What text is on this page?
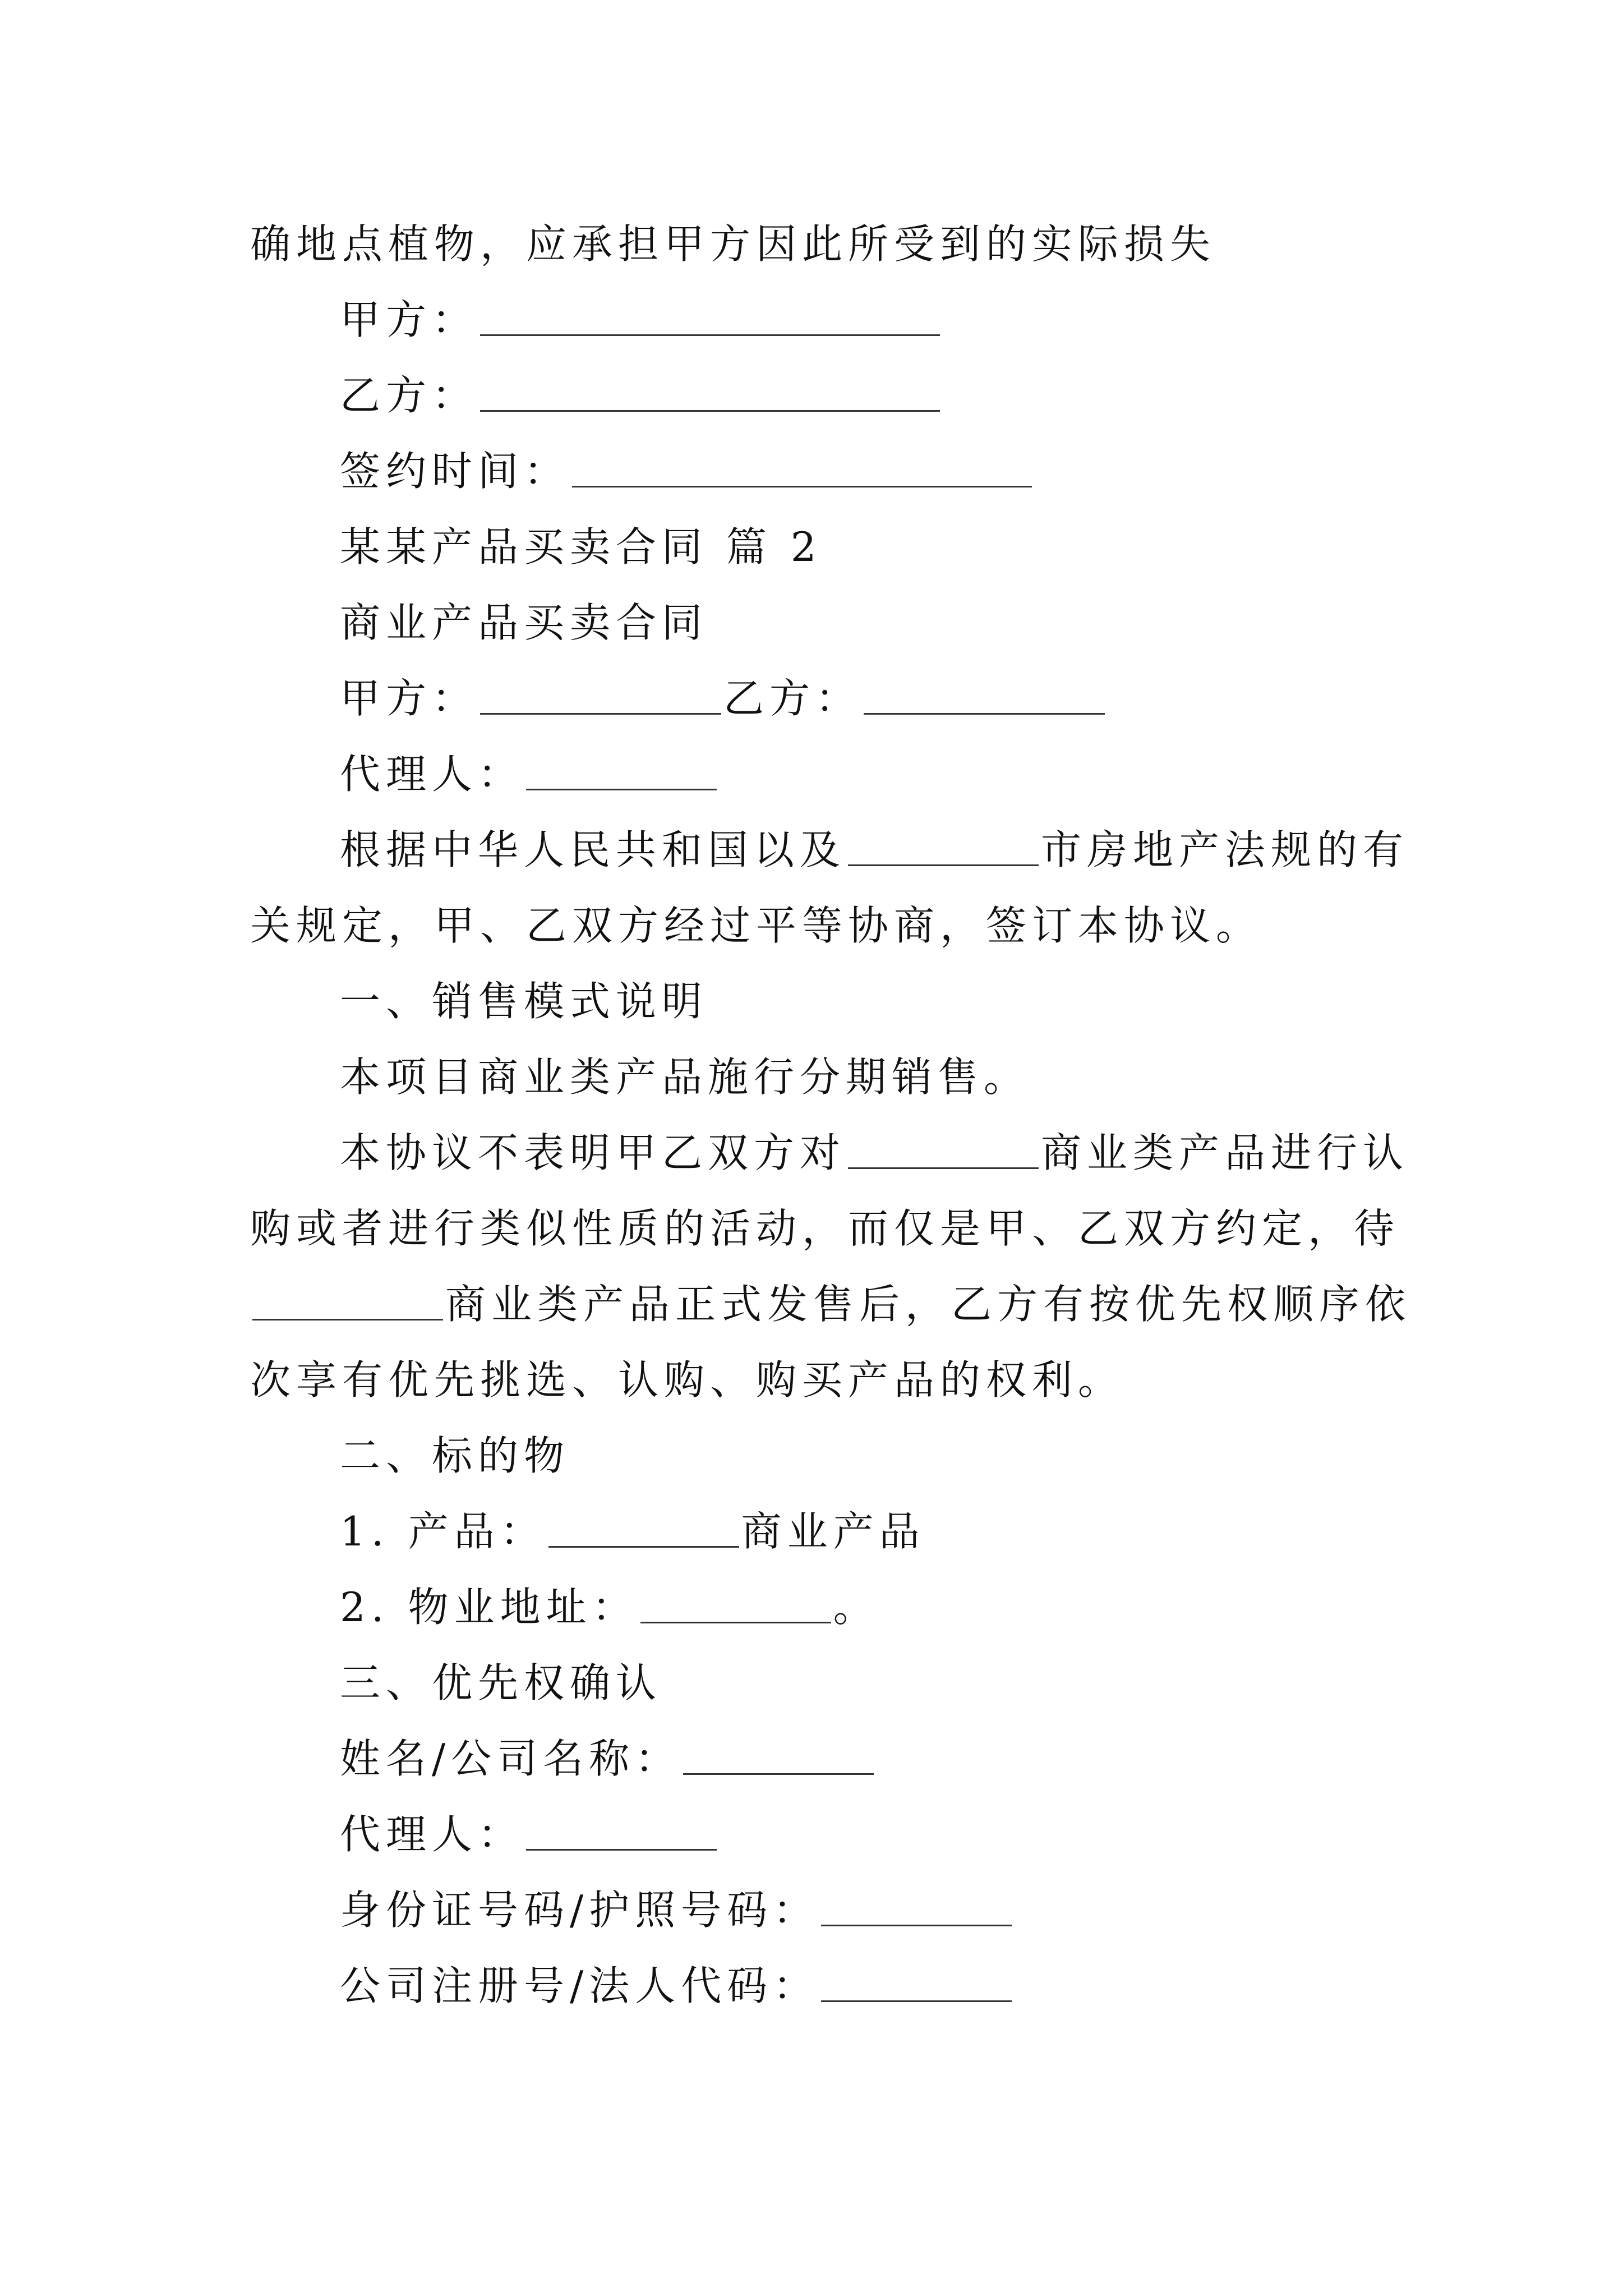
确地点植物，应承担甲方因此所受到的实际损失
甲方：
乙方：
签约时间：
某某产品买卖合同 篇 2
商业产品买卖合同
甲方：	乙方：
代理人：
根据中华人民共和国以及	市房地产法规的有
关规定，甲、乙双方经过平等协商，签订本协议。
一、销售模式说明
本项目商业类产品施行分期销售。
本协议不表明甲乙双方对	商业类产品进行认
购或者进行类似性质的活动，而仅是甲、乙双方约定，待
商业类产品正式发售后，乙方有按优先权顺序依
次享有优先挑选、认购、购买产品的权利。
二、标的物
1. 产品：	商业产品
2. 物业地址：	。
三、优先权确认
姓名/公司名称：
代理人：
身份证号码/护照号码：
公司注册号/法人代码：
